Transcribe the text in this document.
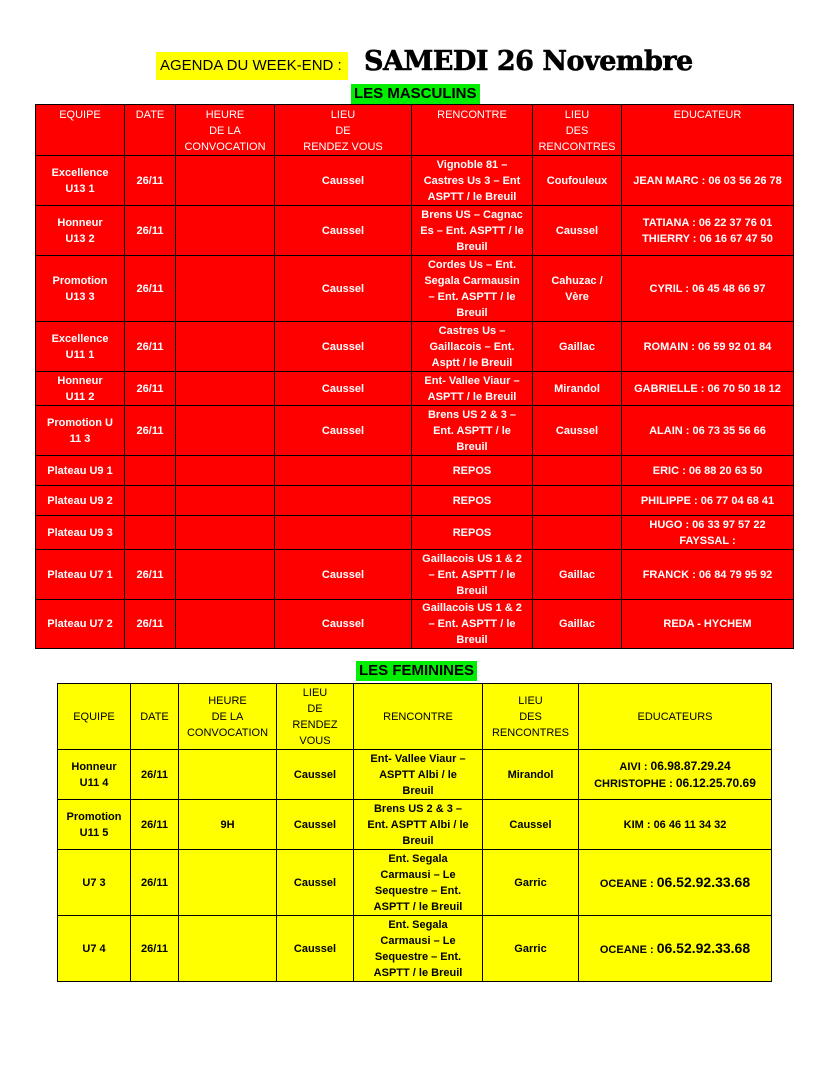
AGENDA DU WEEK-END : SAMEDI 26 Novembre
LES MASCULINS
EQUIPE	DATE	HEURE
DE LA
CONVOCATION	LIEU
DE
RENDEZ VOUS	RENCONTRE	LIEU
DES
RENCONTRES	EDUCATEUR
Excellence
U13 1	26/11		Caussel	Vignoble 81 –
Castres Us 3 – Ent
ASPTT / le Breuil	Coufouleux	JEAN MARC : 06 03 56 26 78
Honneur
U13 2	26/11		Caussel	Brens US – Cagnac
Es – Ent. ASPTT / le
Breuil	Caussel	TATIANA : 06 22 37 76 01
THIERRY : 06 16 67 47 50
Promotion
U13 3	26/11		Caussel	Cordes Us – Ent.
Segala Carmausin
– Ent. ASPTT / le
Breuil	Cahuzac /
Vère	CYRIL : 06 45 48 66 97
Excellence
U11 1	26/11		Caussel	Castres Us –
Gaillacois – Ent.
Asptt / le Breuil	Gaillac	ROMAIN : 06 59 92 01 84
Honneur
U11 2	26/11		Caussel	Ent- Vallee Viaur –
ASPTT / le Breuil	Mirandol	GABRIELLE : 06 70 50 18 12

Promotion U
11 3	26/11		Caussel	Brens US 2 & 3 –
Ent. ASPTT / le
Breuil	Caussel	ALAIN : 06 73 35 56 66
Plateau U9 1				REPOS		ERIC : 06 88 20 63 50
Plateau U9 2				REPOS		PHILIPPE : 06 77 04 68 41
Plateau U9 3				REPOS		HUGO : 06 33 97 57 22
FAYSSAL :
Plateau U7 1	26/11		Caussel	Gaillacois US 1 & 2
– Ent. ASPTT / le
Breuil	Gaillac	FRANCK : 06 84 79 95 92
Plateau U7 2	26/11		Caussel	Gaillacois US 1 & 2
– Ent. ASPTT / le
Breuil	Gaillac	REDA - HYCHEM
LES FEMININES
EQUIPE	DATE	HEURE
DE LA
CONVOCATION	LIEU
DE
RENDEZ
VOUS	RENCONTRE	LIEU
DES
RENCONTRES	EDUCATEURS
Honneur
U11 4	26/11		Caussel	Ent- Vallee Viaur –
ASPTT Albi / le
Breuil	Mirandol	AIVI : 06.98.87.29.24
CHRISTOPHE : 06.12.25.70.69
Promotion
U11 5	26/11	9H	Caussel	Brens US 2 & 3 –
Ent. ASPTT Albi / le
Breuil	Caussel	KIM : 06 46 11 34 32
U7 3	26/11		Caussel	Ent. Segala
Carmausi – Le
Sequestre – Ent.
ASPTT / le Breuil	Garric	OCEANE : 06.52.92.33.68
U7 4	26/11		Caussel	Ent. Segala
Carmausi – Le
Sequestre – Ent.
ASPTT / le Breuil	Garric	OCEANE : 06.52.92.33.68
